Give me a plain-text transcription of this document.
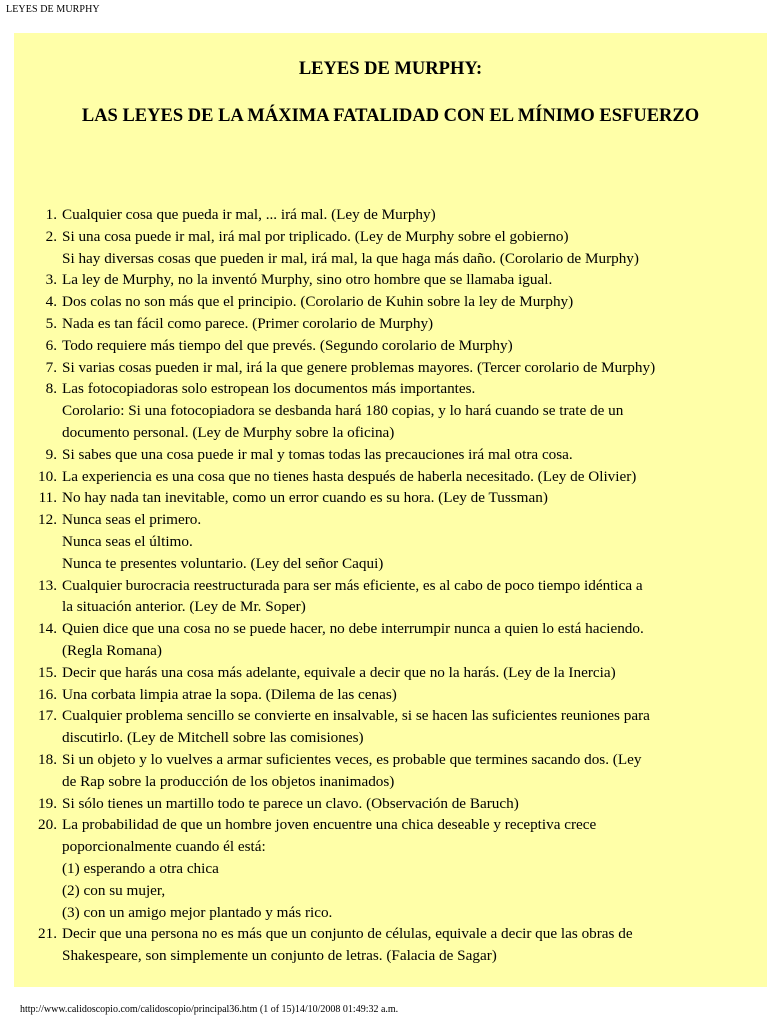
LEYES DE MURPHY
LEYES DE MURPHY:
LAS LEYES DE LA MÁXIMA FATALIDAD CON EL MÍNIMO ESFUERZO
1. Cualquier cosa que pueda ir mal, ... irá mal. (Ley de Murphy)
2. Si una cosa puede ir mal, irá mal por triplicado. (Ley de Murphy sobre el gobierno)
Si hay diversas cosas que pueden ir mal, irá mal, la que haga más daño. (Corolario de Murphy)
3. La ley de Murphy, no la inventó Murphy, sino otro hombre que se llamaba igual.
4. Dos colas no son más que el principio. (Corolario de Kuhin sobre la ley de Murphy)
5. Nada es tan fácil como parece. (Primer corolario de Murphy)
6. Todo requiere más tiempo del que prevés. (Segundo corolario de Murphy)
7. Si varias cosas pueden ir mal, irá la que genere problemas mayores. (Tercer corolario de Murphy)
8. Las fotocopiadoras solo estropean los documentos más importantes.
Corolario: Si una fotocopiadora se desbanda hará 180 copias, y lo hará cuando se trate de un
documento personal. (Ley de Murphy sobre la oficina)
9. Si sabes que una cosa puede ir mal y tomas todas las precauciones irá mal otra cosa.
10. La experiencia es una cosa que no tienes hasta después de haberla necesitado. (Ley de Olivier)
11. No hay nada tan inevitable, como un error cuando es su hora. (Ley de Tussman)
12. Nunca seas el primero.
Nunca seas el último.
Nunca te presentes voluntario. (Ley del señor Caqui)
13. Cualquier burocracia reestructurada para ser más eficiente, es al cabo de poco tiempo idéntica a
la situación anterior. (Ley de Mr. Soper)
14. Quien dice que una cosa no se puede hacer, no debe interrumpir nunca a quien lo está haciendo.
(Regla Romana)
15. Decir que harás una cosa más adelante, equivale a decir que no la harás. (Ley de la Inercia)
16. Una corbata limpia atrae la sopa. (Dilema de las cenas)
17. Cualquier problema sencillo se convierte en insalvable, si se hacen las suficientes reuniones para
discutirlo. (Ley de Mitchell sobre las comisiones)
18. Si un objeto y lo vuelves a armar suficientes veces, es probable que termines sacando dos. (Ley
de Rap sobre la producción de los objetos inanimados)
19. Si sólo tienes un martillo todo te parece un clavo. (Observación de Baruch)
20. La probabilidad de que un hombre joven encuentre una chica deseable y receptiva crece
poporcionalmente cuando él está:
(1) esperando a otra chica
(2) con su mujer,
(3) con un amigo mejor plantado y más rico.
21. Decir que una persona no es más que un conjunto de células, equivale a decir que las obras de
Shakespeare, son simplemente un conjunto de letras. (Falacia de Sagar)
http://www.calidoscopio.com/calidoscopio/principal36.htm (1 of 15)14/10/2008 01:49:32 a.m.
